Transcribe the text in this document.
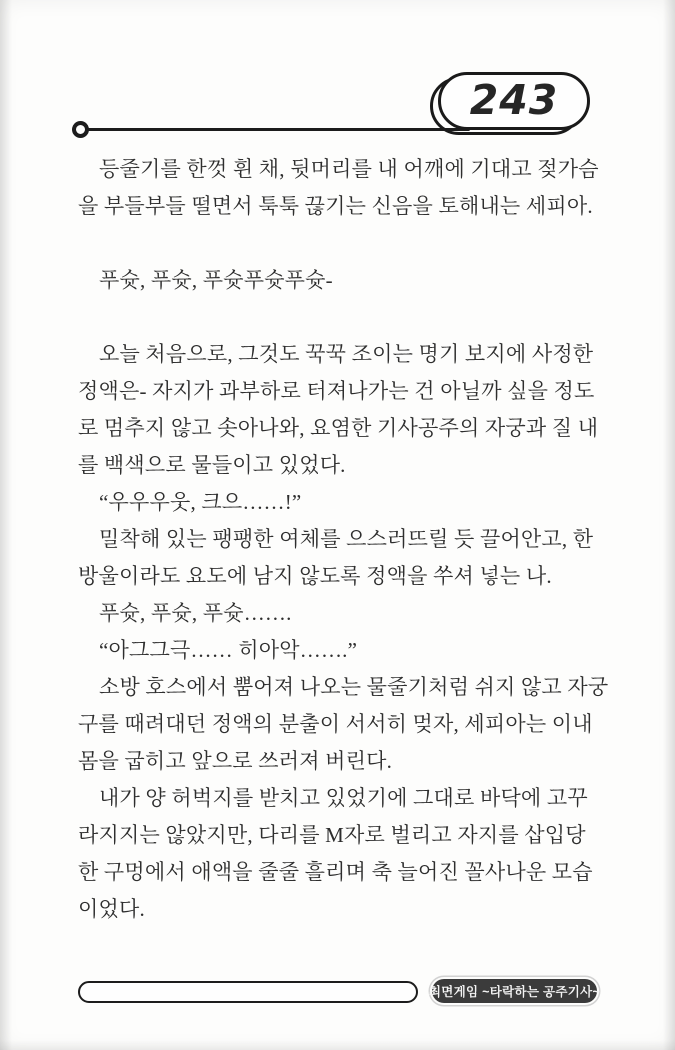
243
등줄기를 한껏 휜 채, 뒷머리를 내 어깨에 기대고 젖가슴
을 부들부들 떨면서 툭툭 끊기는 신음을 토해내는 세피아.
푸슛, 푸슛, 푸슛푸슛푸슛-
오늘 처음으로, 그것도 꾹꾹 조이는 명기 보지에 사정한
정액은- 자지가 과부하로 터져나가는 건 아닐까 싶을 정도
로 멈추지 않고 솟아나와, 요염한 기사공주의 자궁과 질 내
를 백색으로 물들이고 있었다.
“우우우웃, 크으……!”
밀착해 있는 팽팽한 여체를 으스러뜨릴 듯 끌어안고, 한
방울이라도 요도에 남지 않도록 정액을 쑤셔 넣는 나.
푸슛, 푸슛, 푸슛…….
“아그그극…… 히아악…….”
소방 호스에서 뿜어져 나오는 물줄기처럼 쉬지 않고 자궁
구를 때려대던 정액의 분출이 서서히 멎자, 세피아는 이내
몸을 굽히고 앞으로 쓰러져 버린다.
내가 양 허벅지를 받치고 있었기에 그대로 바닥에 고꾸
라지지는 않았지만, 다리를 M자로 벌리고 자지를 삽입당
한 구멍에서 애액을 줄줄 흘리며 축 늘어진 꼴사나운 모습
이었다.
최면게임 ~타락하는 공주기사~
